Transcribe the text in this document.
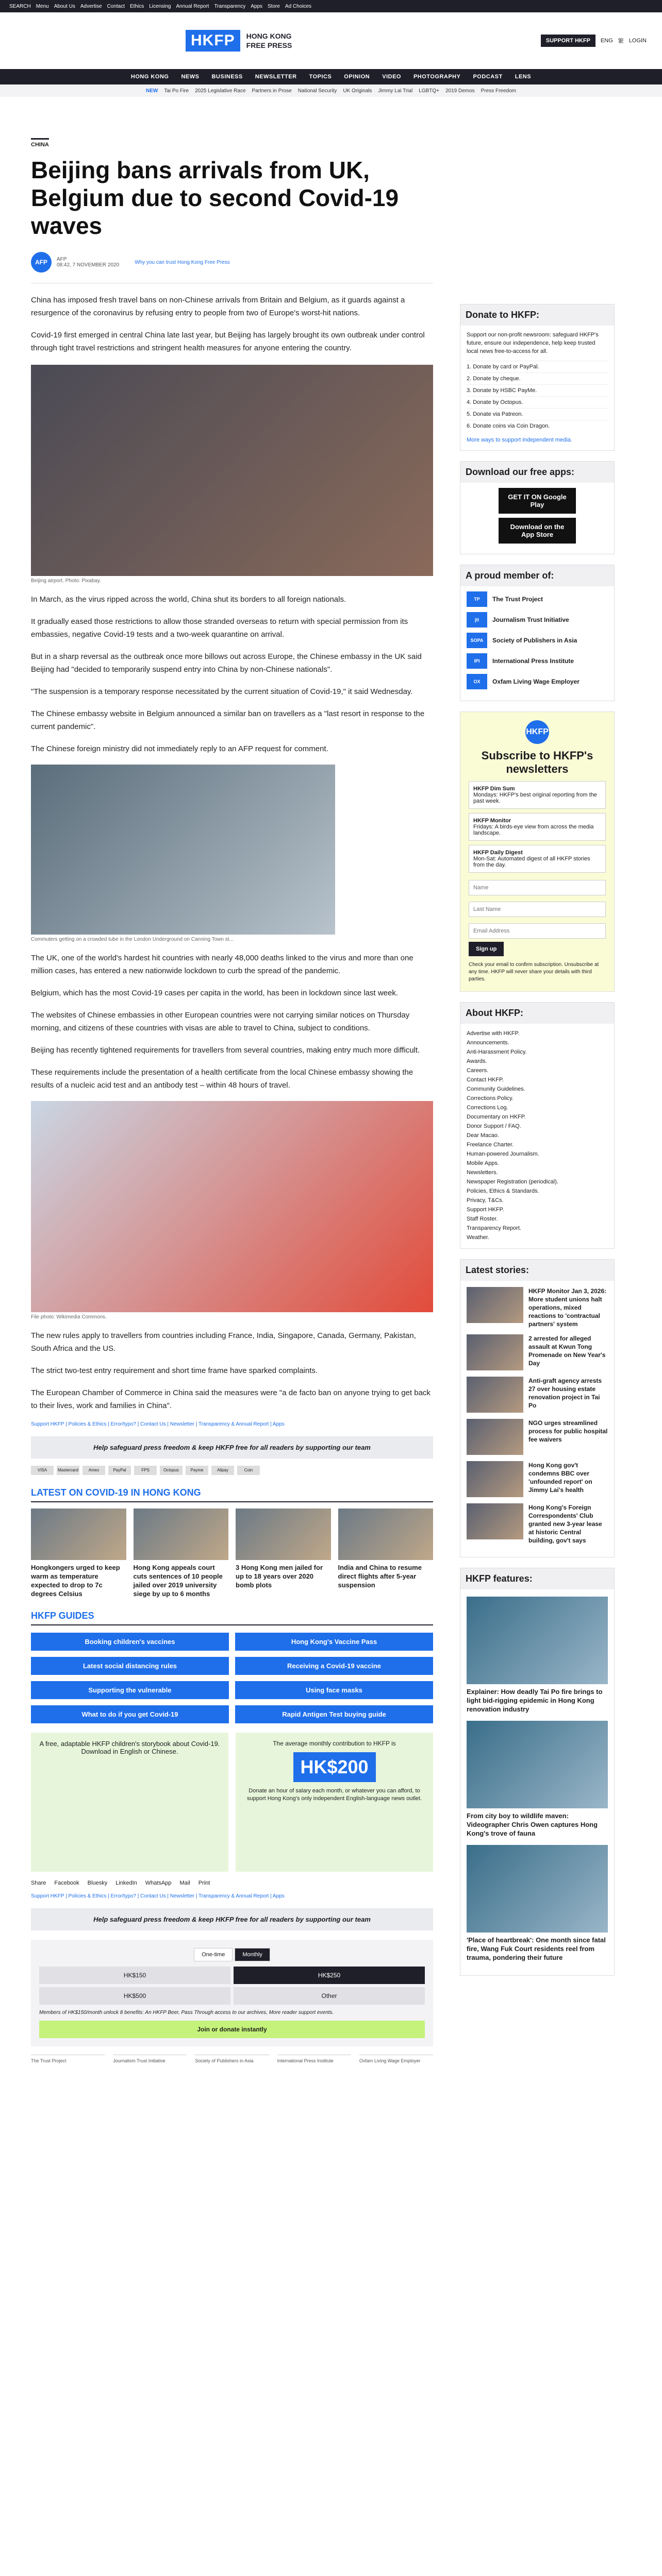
SEARCH Menu About Us Advertise Contact Ethics Licensing Annual Report Transparency Apps Store Ad Choices
HKFP	HONG KONG
FREE PRESS
SUPPORT HKFP	ENG 繁 LOGIN
HONG KONG NEWS BUSINESS NEWSLETTER TOPICS OPINION VIDEO PHOTOGRAPHY PODCAST LENS
NEW Tai Po Fire 2025 Legislative Race Partners in Prose National Security UK Originals Jimmy Lai Trial LGBTQ+ 2019 Demos Press Freedom
CHINA
Beijing bans arrivals from UK, Belgium due to second Covid-19 waves
AFP	AFP
08:42, 7 NOVEMBER 2020	Why you can trust Hong Kong Free Press

China has imposed fresh travel bans on non-Chinese arrivals from Britain and Belgium, as it guards against a resurgence of the coronavirus by refusing entry to people from two of Europe's worst-hit nations.

Covid-19 first emerged in central China late last year, but Beijing has largely brought its own outbreak under control through tight travel restrictions and stringent health measures for anyone entering the country.

Beijing airport. Photo: Pixabay.

In March, as the virus ripped across the world, China shut its borders to all foreign nationals.

It gradually eased those restrictions to allow those stranded overseas to return with special permission from its embassies, negative Covid-19 tests and a two-week quarantine on arrival.

But in a sharp reversal as the outbreak once more billows out across Europe, the Chinese embassy in the UK said Beijing had "decided to temporarily suspend entry into China by non-Chinese nationals".

"The suspension is a temporary response necessitated by the current situation of Covid-19," it said Wednesday.

The Chinese embassy website in Belgium announced a similar ban on travellers as a "last resort in response to the current pandemic".

The Chinese foreign ministry did not immediately reply to an AFP request for comment.

Commuters getting on a crowded tube in the London Underground on Canning Town st...

The UK, one of the world's hardest hit countries with nearly 48,000 deaths linked to the virus and more than one million cases, has entered a new nationwide lockdown to curb the spread of the pandemic.

Belgium, which has the most Covid-19 cases per capita in the world, has been in lockdown since last week.

The websites of Chinese embassies in other European countries were not carrying similar notices on Thursday morning, and citizens of these countries with visas are able to travel to China, subject to conditions.

Beijing has recently tightened requirements for travellers from several countries, making entry much more difficult.

These requirements include the presentation of a health certificate from the local Chinese embassy showing the results of a nucleic acid test and an antibody test – within 48 hours of travel.

File photo: Wikimedia Commons.

The new rules apply to travellers from countries including France, India, Singapore, Canada, Germany, Pakistan, South Africa and the US.

The strict two-test entry requirement and short time frame have sparked complaints.

The European Chamber of Commerce in China said the measures were "a de facto ban on anyone trying to get back to their lives, work and families in China".

Support HKFP | Policies & Ethics | Error/typo? | Contact Us | Newsletter | Transparency & Annual Report | Apps
Help safeguard press freedom & keep HKFP free for all readers by supporting our team
VISA	Mastercard	Amex	PayPal	FPS	Octopus	Payme	Alipay	Coin
LATEST ON COVID-19 IN HONG KONG
Hongkongers urged to keep warm as temperature expected to drop to 7c degrees Celsius
Hong Kong appeals court cuts sentences of 10 people jailed over 2019 university siege by up to 6 months
3 Hong Kong men jailed for up to 18 years over 2020 bomb plots
India and China to resume direct flights after 5-year suspension
HKFP GUIDES
Booking children's vaccines	Hong Kong's Vaccine Pass
Latest social distancing rules	Receiving a Covid-19 vaccine
Supporting the vulnerable	Using face masks
What to do if you get Covid-19	Rapid Antigen Test buying guide
A free, adaptable HKFP children's storybook about Covid-19. Download in English or Chinese.
The average monthly contribution to HKFP is
HK$200
Donate an hour of salary each month, or whatever you can afford, to support Hong Kong's only independent English-language news outlet.
Share Facebook Bluesky LinkedIn WhatsApp Mail Print
Support HKFP | Policies & Ethics | Error/typo? | Contact Us | Newsletter | Transparency & Annual Report | Apps
Help safeguard press freedom & keep HKFP free for all readers by supporting our team
One-time	Monthly
HK$150	HK$250
HK$500	Other
Members of HK$150/month unlock 8 benefits: An HKFP Beer, Pass Through access to our archives, More reader support events.
Join or donate instantly
The Trust Project	Journalism Trust Initiative	Society of Publishers in Asia	International Press Institute	Oxfam Living Wage Employer
Donate to HKFP:

Support our non-profit newsroom: safeguard HKFP's future, ensure our independence, help keep trusted local news free-to-access for all.

1. Donate by card or PayPal.
2. Donate by cheque.
3. Donate by HSBC PayMe.
4. Donate by Octopus.
5. Donate via Patreon.
6. Donate coins via Coin Dragon.

More ways to support independent media.

Download our free apps:
GET IT ON Google Play
Download on the App Store
A proud member of:
TP	The Trust Project
jti	Journalism Trust Initiative
SOPA	Society of Publishers in Asia
IPI	International Press Institute
OX	Oxfam Living Wage Employer
HKFP
Subscribe to HKFP's newsletters
HKFP Dim Sum
Mondays: HKFP's best original reporting from the past week.
HKFP Monitor
Fridays: A birds-eye view from across the media landscape.
HKFP Daily Digest
Mon-Sat: Automated digest of all HKFP stories from the day.
Name Last Name Email Address Sign up
Check your email to confirm subscription. Unsubscribe at any time. HKFP will never share your details with third parties.
About HKFP:
Advertise with HKFP.
Announcements.
Anti-Harassment Policy.
Awards.
Careers.
Contact HKFP.
Community Guidelines.
Corrections Policy.
Corrections Log.
Documentary on HKFP.
Donor Support / FAQ.
Dear Macao.
Freelance Charter.
Human-powered Journalism.
Mobile Apps.
Newsletters.
Newspaper Registration (periodical).
Policies, Ethics & Standards.
Privacy, T&Cs.
Support HKFP.
Staff Roster.
Transparency Report.
Weather.
Latest stories:
HKFP Monitor Jan 3, 2026: More student unions halt operations, mixed reactions to 'contractual partners' system
2 arrested for alleged assault at Kwun Tong Promenade on New Year's Day
Anti-graft agency arrests 27 over housing estate renovation project in Tai Po
NGO urges streamlined process for public hospital fee waivers
Hong Kong gov't condemns BBC over 'unfounded report' on Jimmy Lai's health
Hong Kong's Foreign Correspondents' Club granted new 3-year lease at historic Central building, gov't says
HKFP features:
Explainer: How deadly Tai Po fire brings to light bid-rigging epidemic in Hong Kong renovation industry
From city boy to wildlife maven: Videographer Chris Owen captures Hong Kong's trove of fauna
'Place of heartbreak': One month since fatal fire, Wang Fuk Court residents reel from trauma, pondering their future
